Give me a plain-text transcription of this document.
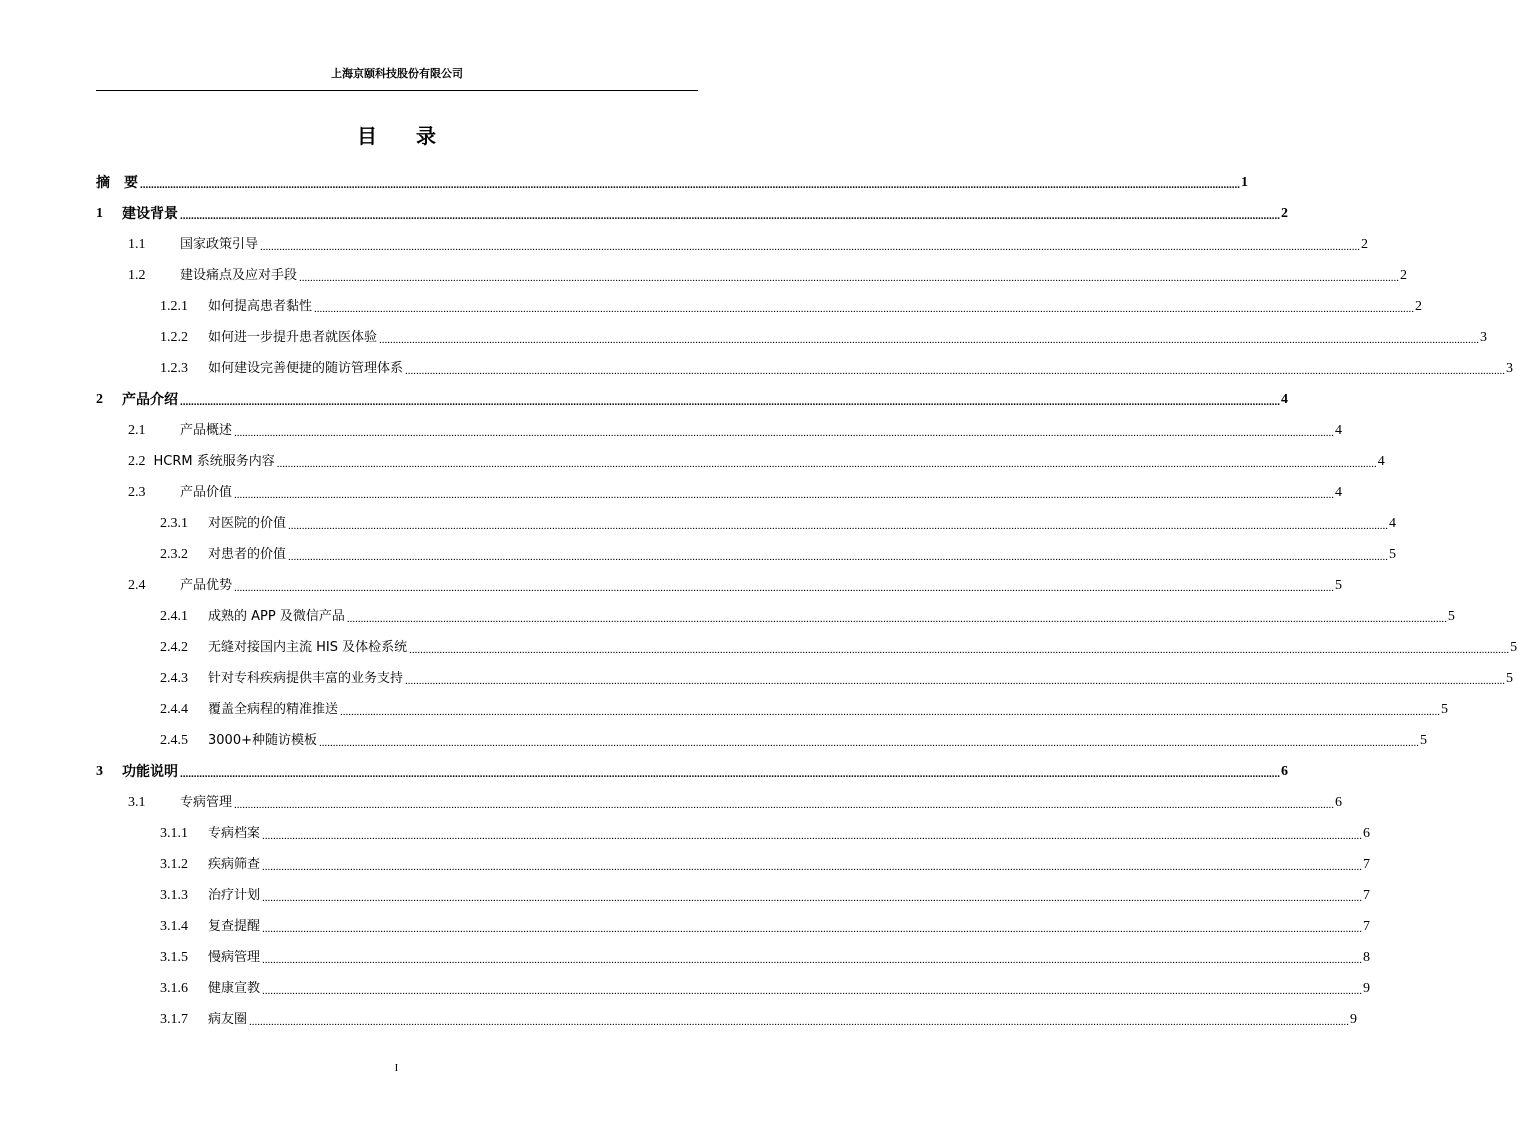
上海京颐科技股份有限公司
目 录
摘　要 ................................................................................................................................................................................................................................................................................................................................................................................................................ 1
1	建设背景 ................................................................................................................................................................................................................................................................................................................................................................................................................ 2
1.1	国家政策引导 ................................................................................................................................................................................................................................................................................................................................................................................................................ 2
1.2	建设痛点及应对手段 ................................................................................................................................................................................................................................................................................................................................................................................................................ 2
1.2.1	如何提高患者黏性 ................................................................................................................................................................................................................................................................................................................................................................................................................ 2
1.2.2	如何进一步提升患者就医体验 ................................................................................................................................................................................................................................................................................................................................................................................................................ 3
1.2.3	如何建设完善便捷的随访管理体系 ................................................................................................................................................................................................................................................................................................................................................................................................................ 3
2	产品介绍 ................................................................................................................................................................................................................................................................................................................................................................................................................ 4
2.1	产品概述 ................................................................................................................................................................................................................................................................................................................................................................................................................ 4
2.2 HCRM 系统服务内容 ................................................................................................................................................................................................................................................................................................................................................................................................................ 4
2.3	产品价值 ................................................................................................................................................................................................................................................................................................................................................................................................................ 4
2.3.1	对医院的价值 ................................................................................................................................................................................................................................................................................................................................................................................................................ 4
2.3.2	对患者的价值 ................................................................................................................................................................................................................................................................................................................................................................................................................ 5
2.4	产品优势 ................................................................................................................................................................................................................................................................................................................................................................................................................ 5
2.4.1	成熟的 APP 及微信产品 ................................................................................................................................................................................................................................................................................................................................................................................................................ 5
2.4.2	无缝对接国内主流 HIS 及体检系统 ................................................................................................................................................................................................................................................................................................................................................................................................................ 5
2.4.3	针对专科疾病提供丰富的业务支持 ................................................................................................................................................................................................................................................................................................................................................................................................................ 5
2.4.4	覆盖全病程的精准推送 ................................................................................................................................................................................................................................................................................................................................................................................................................ 5
2.4.5	3000+种随访模板 ................................................................................................................................................................................................................................................................................................................................................................................................................ 5
3	功能说明 ................................................................................................................................................................................................................................................................................................................................................................................................................ 6
3.1	专病管理 ................................................................................................................................................................................................................................................................................................................................................................................................................ 6
3.1.1	专病档案 ................................................................................................................................................................................................................................................................................................................................................................................................................ 6
3.1.2	疾病筛查 ................................................................................................................................................................................................................................................................................................................................................................................................................ 7
3.1.3	治疗计划 ................................................................................................................................................................................................................................................................................................................................................................................................................ 7
3.1.4	复查提醒 ................................................................................................................................................................................................................................................................................................................................................................................................................ 7
3.1.5	慢病管理 ................................................................................................................................................................................................................................................................................................................................................................................................................ 8
3.1.6	健康宣教 ................................................................................................................................................................................................................................................................................................................................................................................................................ 9
3.1.7	病友圈 ................................................................................................................................................................................................................................................................................................................................................................................................................ 9
I
